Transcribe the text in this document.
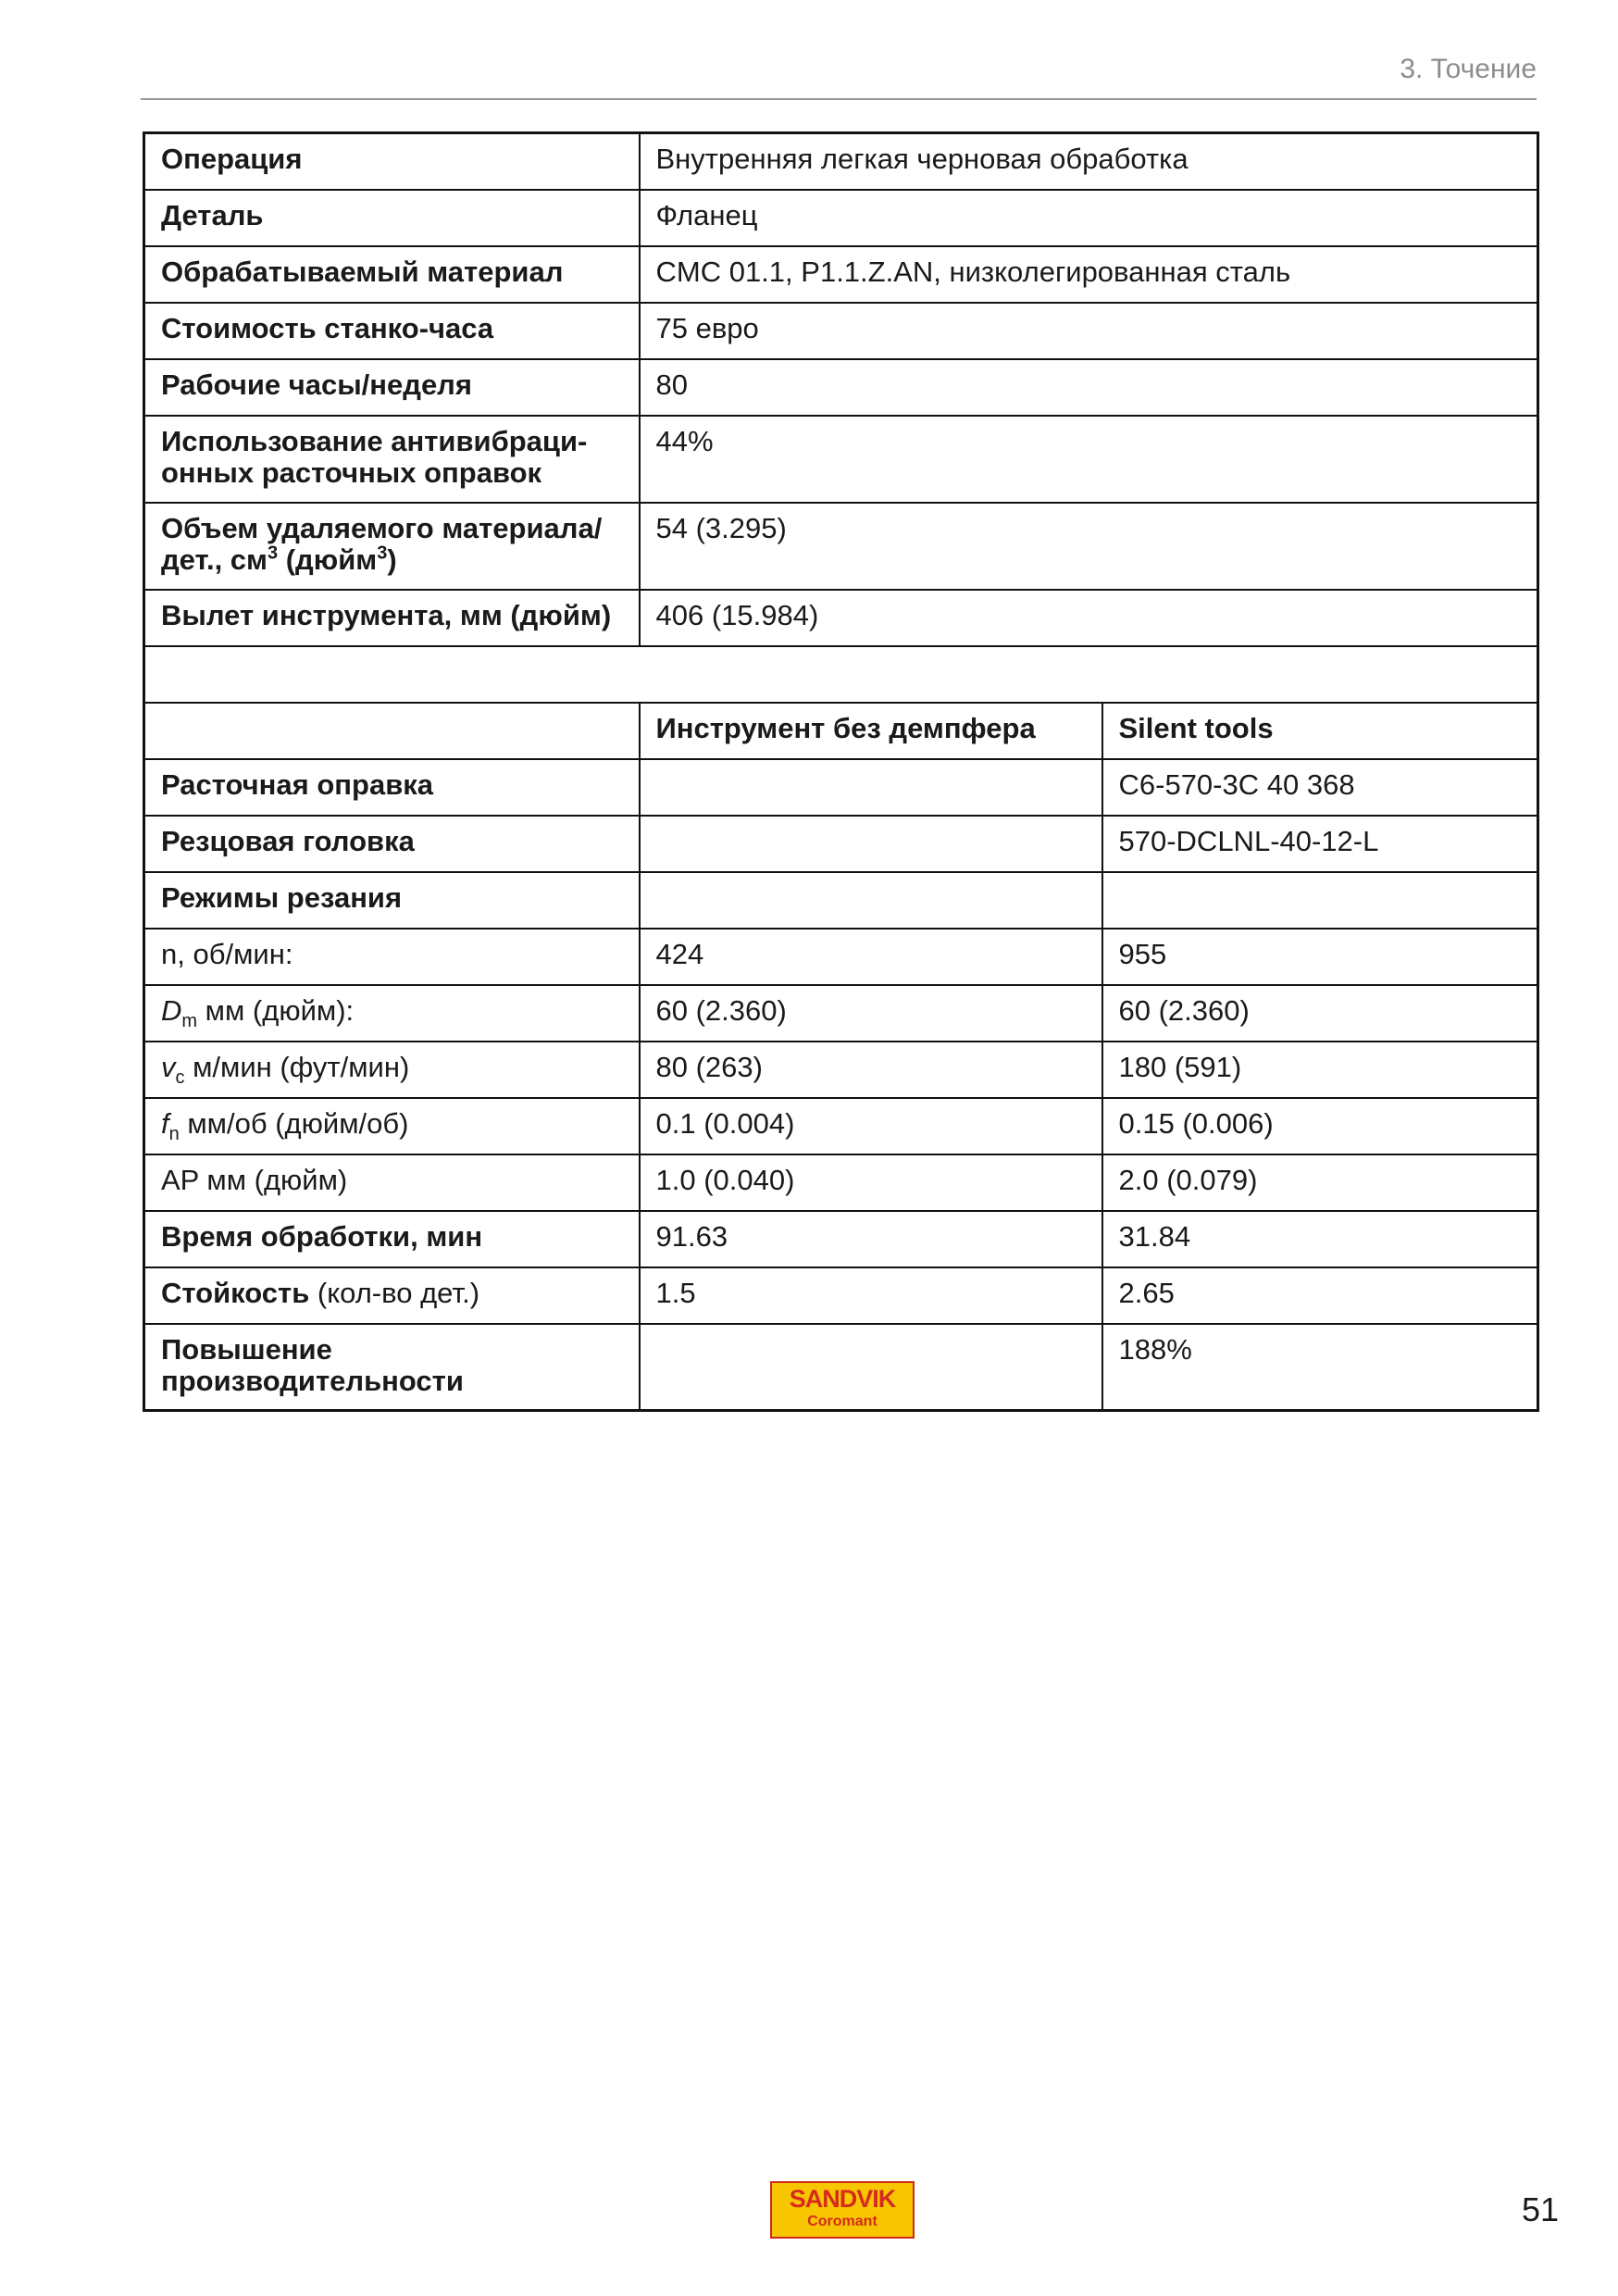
3. Точение
Операция	Внутренняя легкая черновая обработка	
Деталь	Фланец	
Обрабатываемый материал	CMC 01.1, P1.1.Z.AN, низколегированная сталь	
Стоимость станко-часа	75 евро	
Рабочие часы/неделя	80	

Использование антивибраци-
онных расточных оправок	44%	

Объем удаляемого материала/
дет., $см^3$ (дюйм$^3$)	54 (3.295)	
Вылет инструмента, мм (дюйм)	406 (15.984)	

	Инструмент без демпфера	Silent tools
Расточная оправка		C6-570-3C 40 368
Резцовая головка		570-DCLNL-40-12-L
Режимы резания		
n, об/мин:	424	955
$D_m$ мм (дюйм):	60 (2.360)	60 (2.360)
$v_c$ м/мин (фут/мин)	80 (263)	180 (591)
$f_n$ мм/об (дюйм/об)	0.1 (0.004)	0.15 (0.006)
AP мм (дюйм)	1.0 (0.040)	2.0 (0.079)
Время обработки, мин	91.63	31.84
Стойкость (кол-во дет.)	1.5	2.65

Повышение
производительности		188%
SANDVIK
Coromant	51
